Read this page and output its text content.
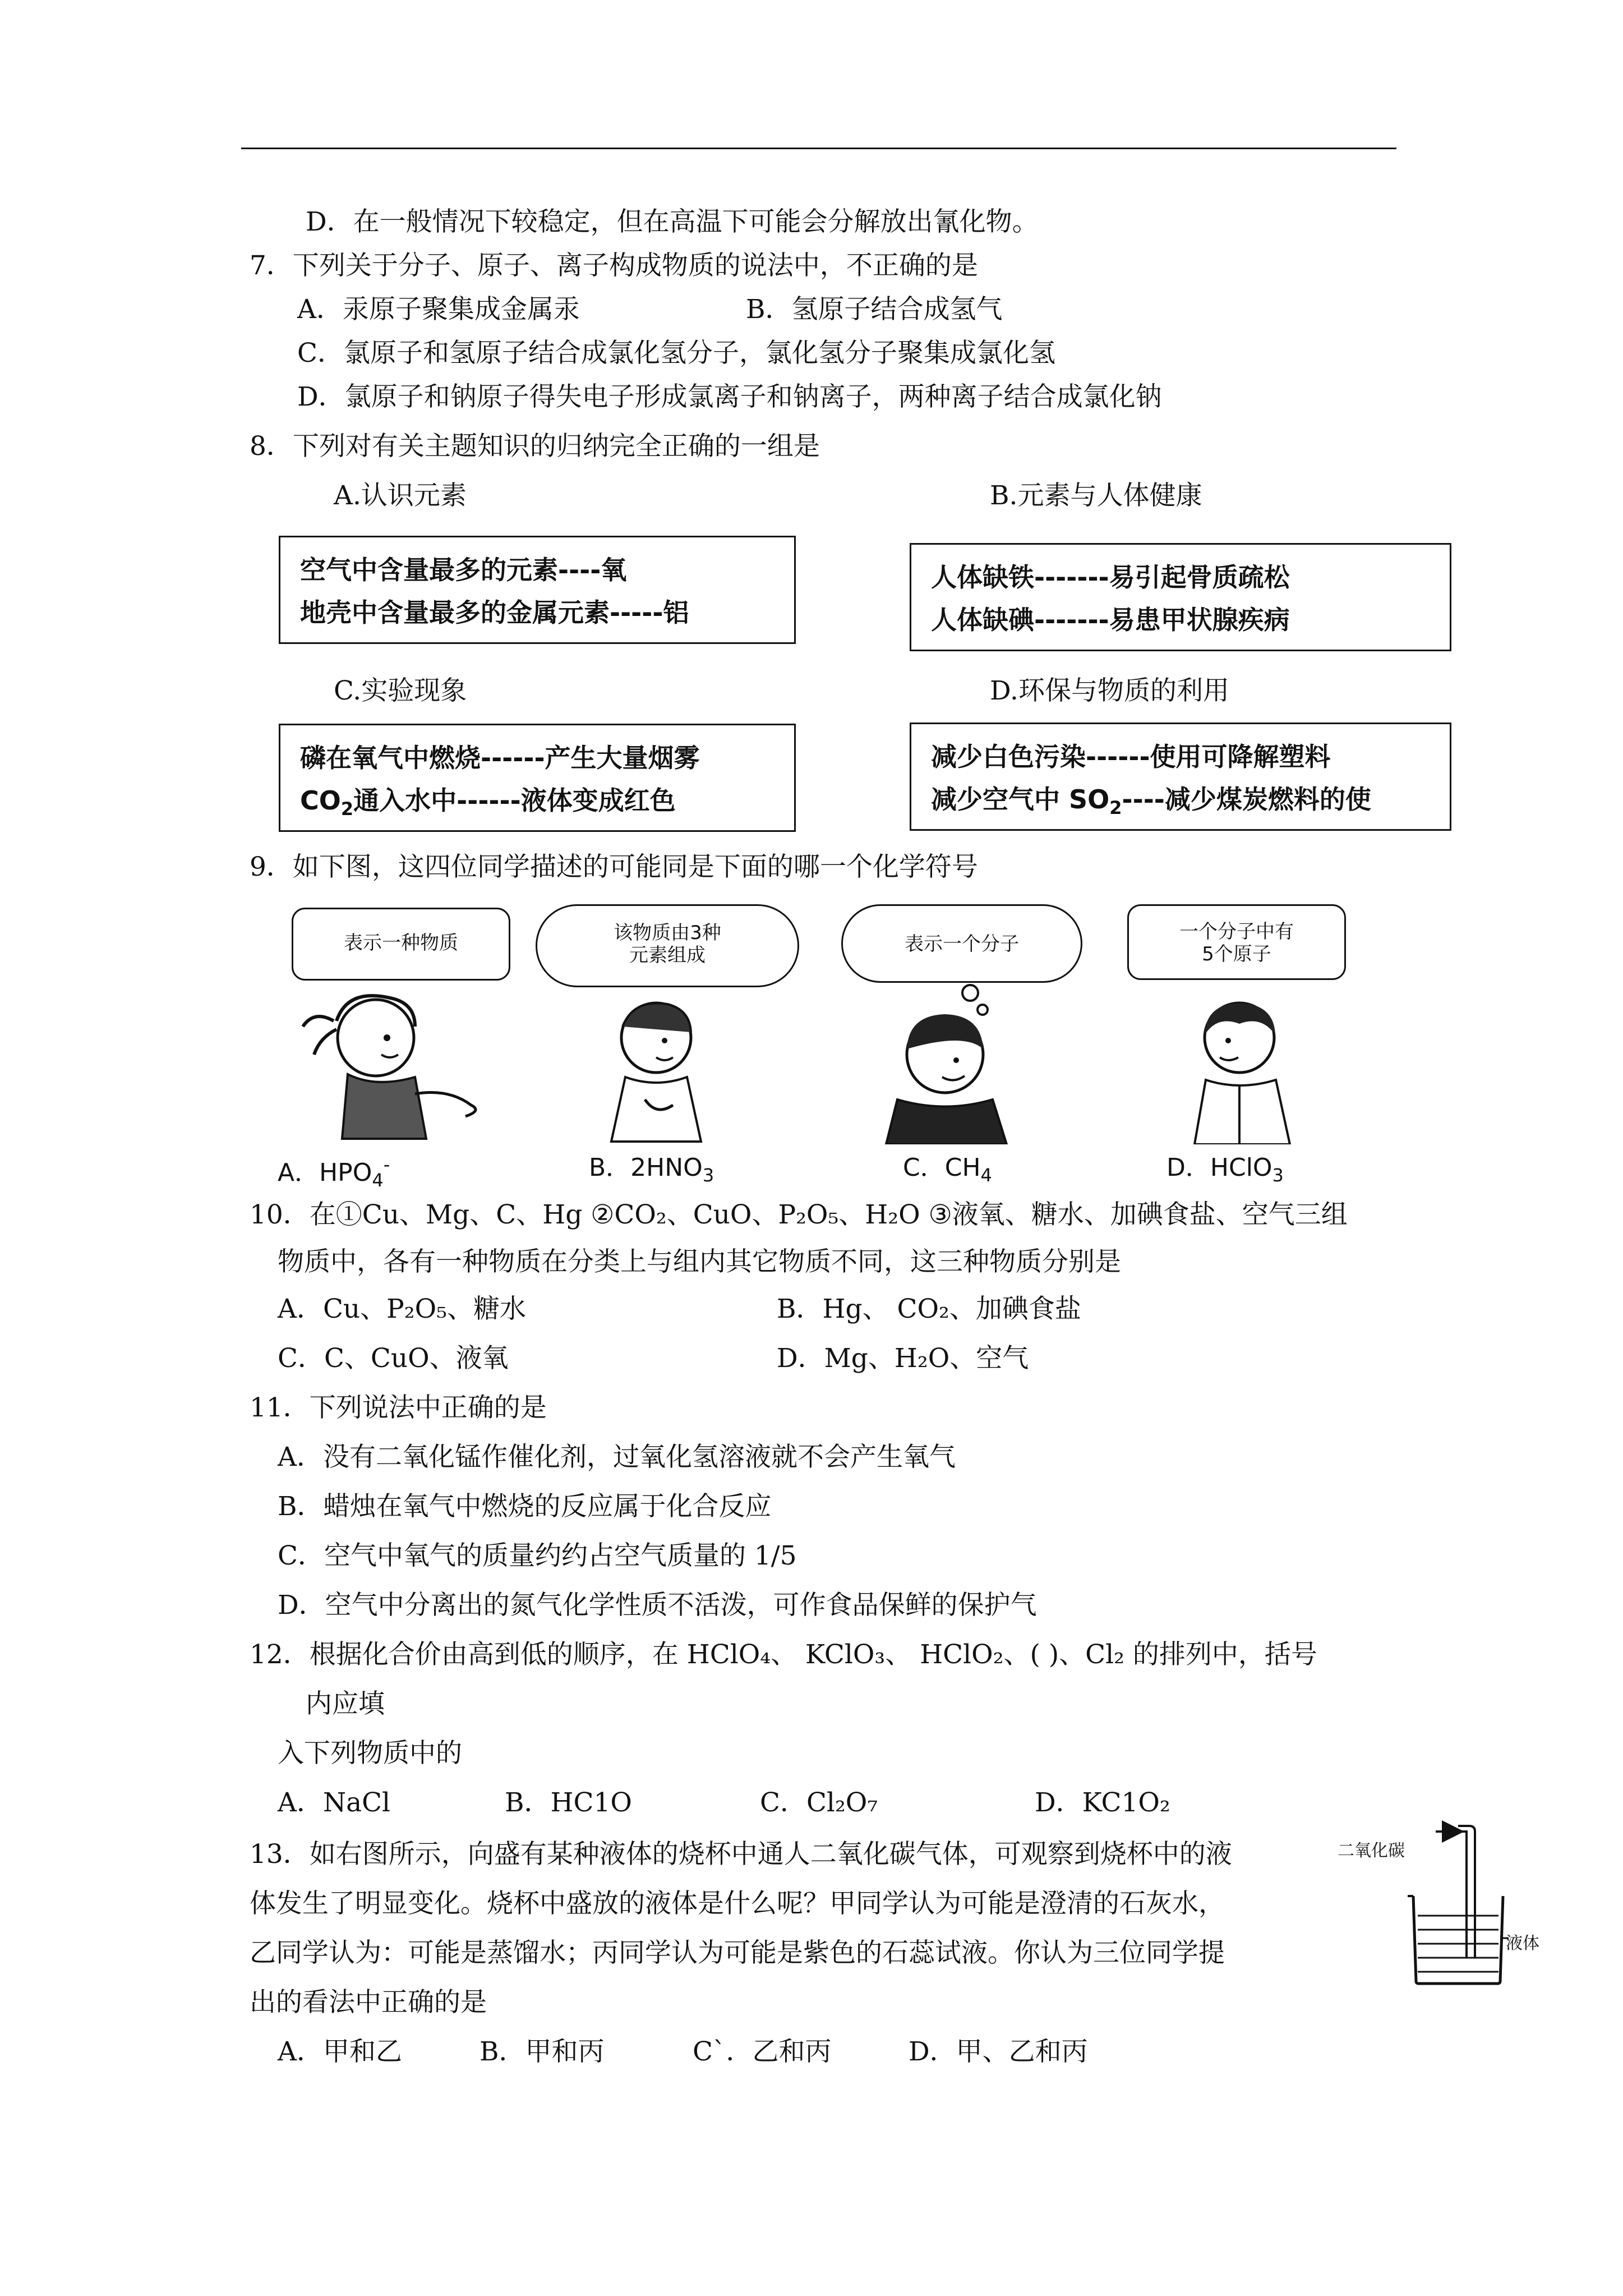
D．在一般情况下较稳定，但在高温下可能会分解放出氰化物。
7．下列关于分子、原子、离子构成物质的说法中，不正确的是
A．汞原子聚集成金属汞	B．氢原子结合成氢气
C．氯原子和氢原子结合成氯化氢分子，氯化氢分子聚集成氯化氢
D．氯原子和钠原子得失电子形成氯离子和钠离子，两种离子结合成氯化钠
8．下列对有关主题知识的归纳完全正确的一组是
A.认识元素	B.元素与人体健康
空气中含量最多的元素----氧
地壳中含量最多的金属元素-----铝
人体缺铁-------易引起骨质疏松
人体缺碘-------易患甲状腺疾病
C.实验现象	D.环保与物质的利用
磷在氧气中燃烧------产生大量烟雾
$CO_2$通入水中------液体变成红色
减少白色污染------使用可降解塑料
减少空气中 $SO_2----$减少煤炭燃料的使
9．如下图，这四位同学描述的可能同是下面的哪一个化学符号
表示一种物质	该物质由3种
元素组成	表示一个分子
一个分子中有
5个原子
A．$HPO_4^-$	B．$2HNO_3$	C．$CH_4$	D．HClO$_3$
10．在①Cu、Mg、C、Hg ②CO₂、CuO、P₂O₅、H₂O ③液氧、糖水、加碘食盐、空气三组
物质中，各有一种物质在分类上与组内其它物质不同，这三种物质分别是
A．Cu、P₂O₅、糖水	B．Hg、 CO₂、加碘食盐
C．C、CuO、液氧	D．Mg、H₂O、空气
11．下列说法中正确的是
A．没有二氧化锰作催化剂，过氧化氢溶液就不会产生氧气
B．蜡烛在氧气中燃烧的反应属于化合反应
C．空气中氧气的质量约约占空气质量的 1/5
D．空气中分离出的氮气化学性质不活泼，可作食品保鲜的保护气
12．根据化合价由高到低的顺序，在 HClO₄、 KClO₃、 HClO₂、( )、Cl₂ 的排列中，括号
内应填
入下列物质中的
A．NaCl	B．HC1O	C．Cl₂O₇	D．KC1O₂
13．如右图所示，向盛有某种液体的烧杯中通人二氧化碳气体，可观察到烧杯中的液
体发生了明显变化。烧杯中盛放的液体是什么呢？甲同学认为可能是澄清的石灰水，
乙同学认为：可能是蒸馏水；丙同学认为可能是紫色的石蕊试液。你认为三位同学提
出的看法中正确的是
A．甲和乙	B．甲和丙	C`．乙和丙	D．甲、乙和丙
二氧化碳
液体
